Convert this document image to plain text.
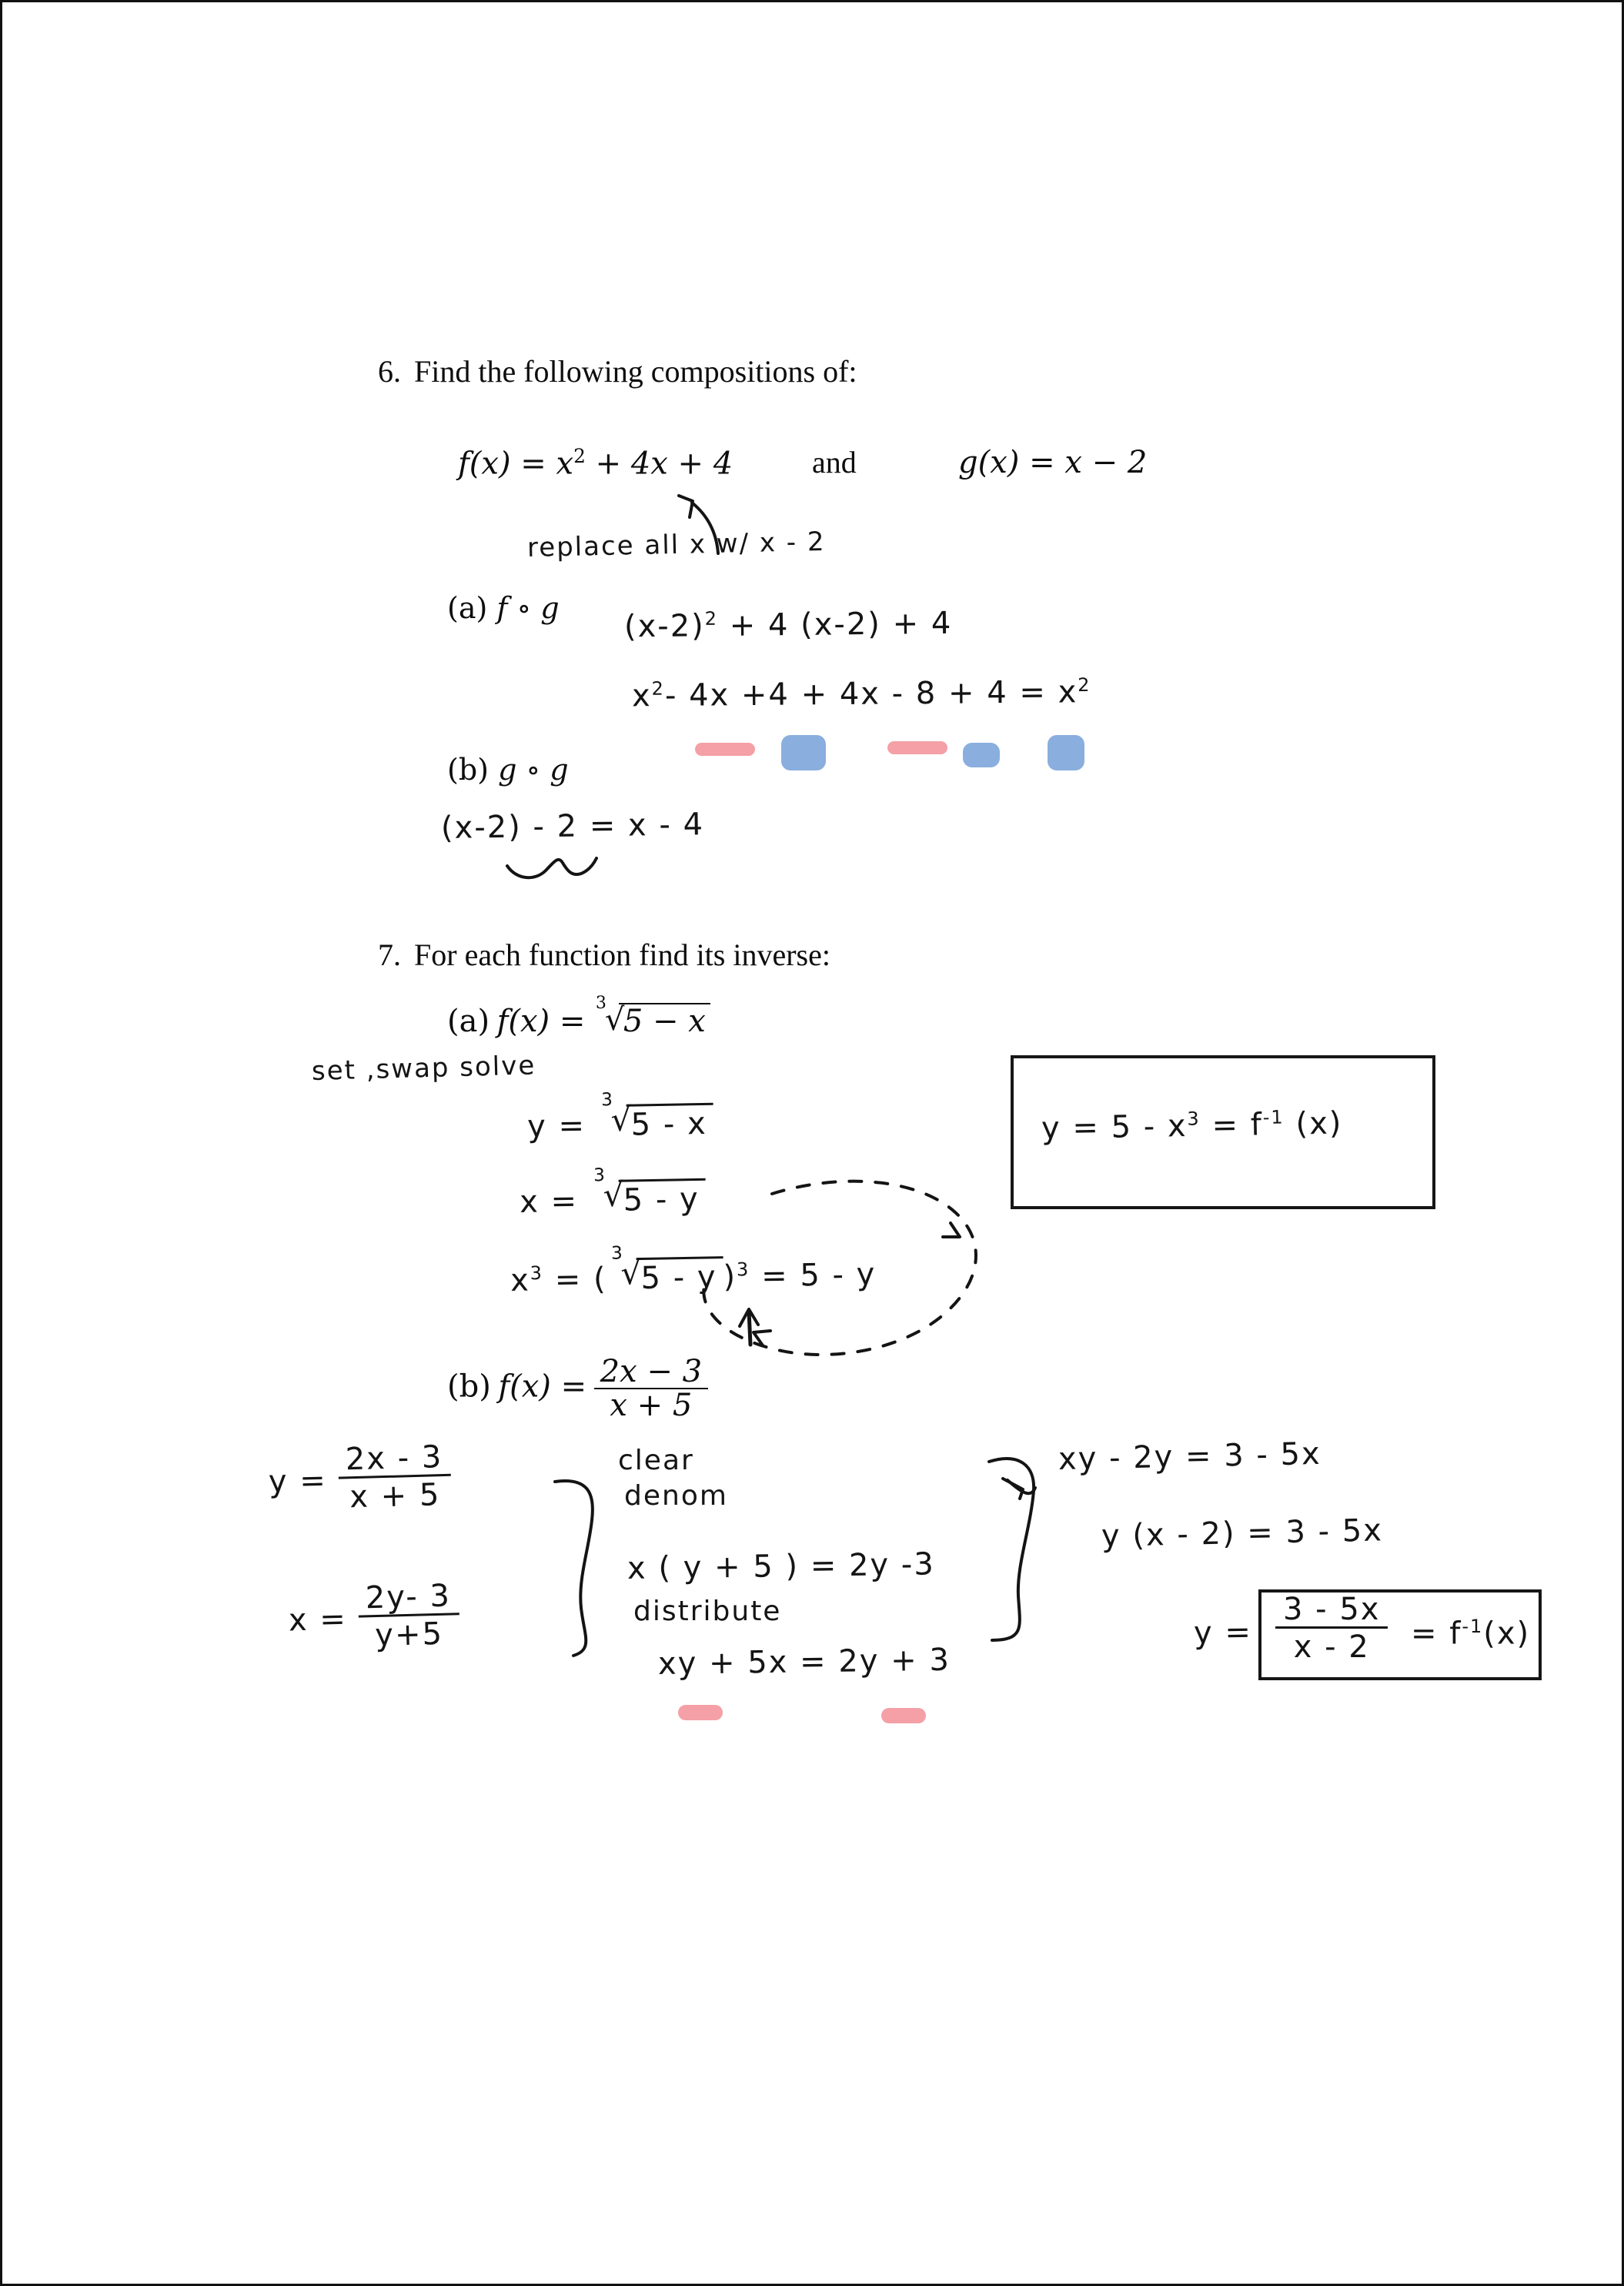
6. Find the following compositions of:
$f(x) = x^2 + 4x + 4$	and	g(x) = x − 2
replace all x w/ x - 2
(a) f ∘ g
$(x-2)^2 + 4$ (x-2) + 4
$x^2-$ $4x +4 + 4x - 8 + 4 = x^2$
(b) g ∘ g
(x-2) - 2 = x - 4
7. For each function find its inverse:
(a) f(x) =
3
√
5 − x
set ,swap solve
y =
3
√
5 - x
x =
3
√
5 - y
$x^3$ = (
3
√
5 - y )$^3$ = 5 - y
$y = 5 - x^3 = f^{-1}$ (x)
(b) $f(x) = \frac{2x - 3}{x + 5}$
$y = \frac{2x - 3}{x + 5}$
$x = \frac{2y- 3}{y+5}$
clear
denom
x ( y + 5 ) = 2y -3
distribute
xy + 5x = 2y + 3
xy - 2y = 3 - 5x
y (x - 2) = 3 - 5x
$y = \frac{3 - 5x}{x - 2} = f^{-1}(x)$
